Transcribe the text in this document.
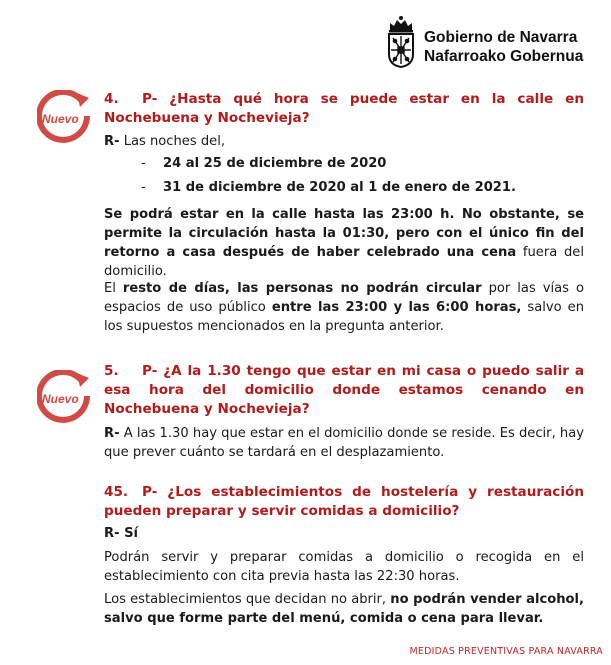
Gobierno de Navarra
Nafarroako Gobernua
Nuevo
4. P- ¿Hasta qué hora se puede estar en la calle en Nochebuena y Nochevieja?
R- Las noches del,
- 24 al 25 de diciembre de 2020
- 31 de diciembre de 2020 al 1 de enero de 2021.
Se podrá estar en la calle hasta las 23:00 h. No obstante, se permite la circulación hasta la 01:30, pero con el único fin del retorno a casa después de haber celebrado una cena fuera del domicilio.
El resto de días, las personas no podrán circular por las vías o espacios de uso público entre las 23:00 y las 6:00 horas, salvo en los supuestos mencionados en la pregunta anterior.
Nuevo
5. P- ¿A la 1.30 tengo que estar en mi casa o puedo salir a esa hora del domicilio donde estamos cenando en Nochebuena y Nochevieja?
R- A las 1.30 hay que estar en el domicilio donde se reside. Es decir, hay que prever cuánto se tardará en el desplazamiento.
45. P- ¿Los establecimientos de hostelería y restauración pueden preparar y servir comidas a domicilio?
R- Sí
Podrán servir y preparar comidas a domicilio o recogida en el establecimiento con cita previa hasta las 22:30 horas.
Los establecimientos que decidan no abrir, no podrán vender alcohol, salvo que forme parte del menú, comida o cena para llevar.
MEDIDAS PREVENTIVAS PARA NAVARRA
